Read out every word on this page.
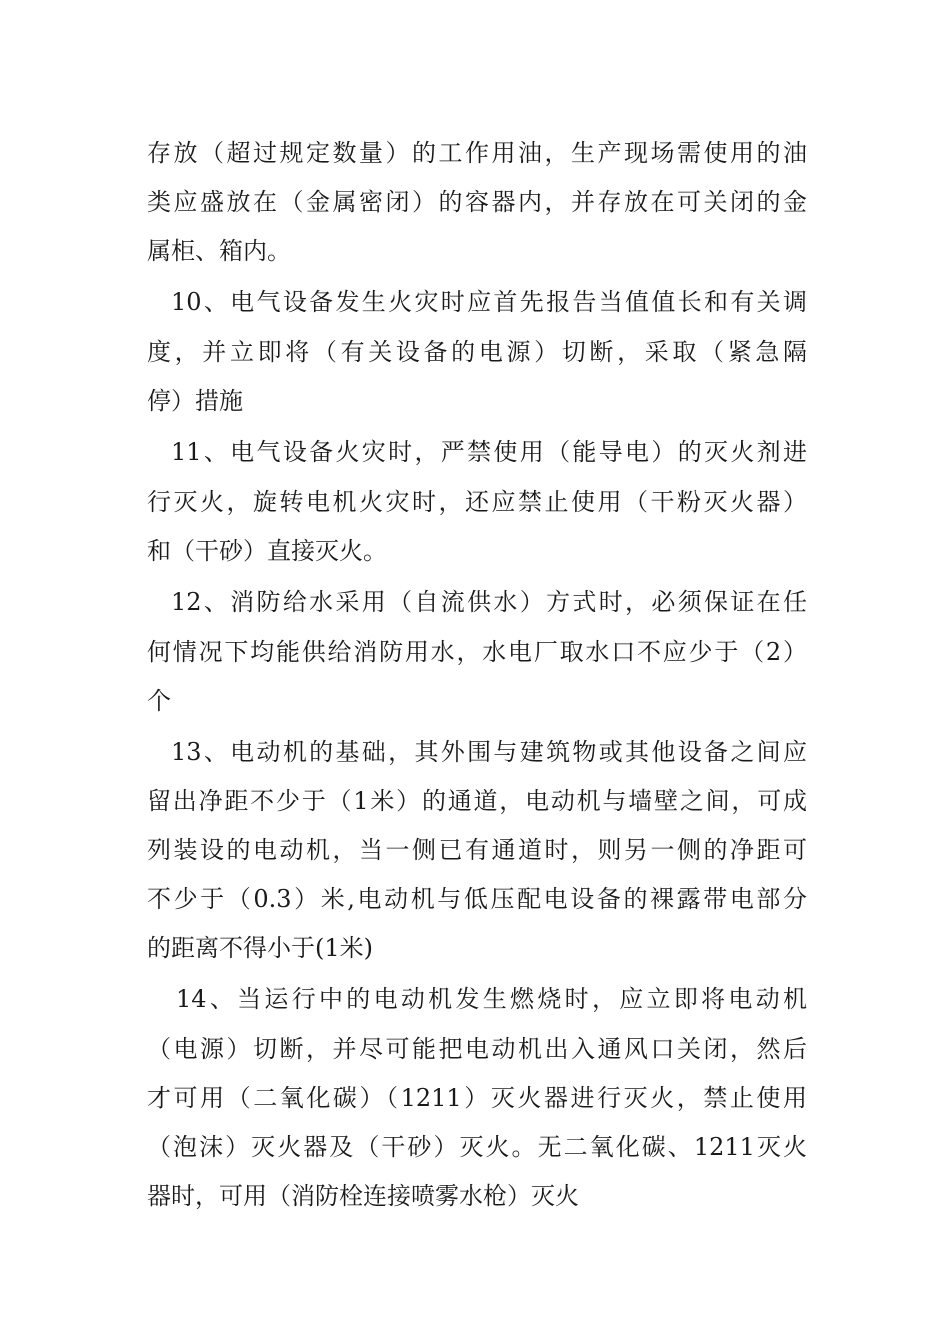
存放（超过规定数量）的工作用油，生产现场需使用的油
类应盛放在（金属密闭）的容器内，并存放在可关闭的金
属柜、箱内。
10、电气设备发生火灾时应首先报告当值值长和有关调
度，并立即将（有关设备的电源）切断，采取（紧急隔
停）措施
11、电气设备火灾时，严禁使用（能导电）的灭火剂进
行灭火，旋转电机火灾时，还应禁止使用（干粉灭火器）
和（干砂）直接灭火。
12、消防给水采用（自流供水）方式时，必须保证在任
何情况下均能供给消防用水，水电厂取水口不应少于（2）
个
13、电动机的基础，其外围与建筑物或其他设备之间应
留出净距不少于（1米）的通道，电动机与墙壁之间，可成
列装设的电动机，当一侧已有通道时，则另一侧的净距可
不少于（0.3）米,电动机与低压配电设备的裸露带电部分
的距离不得小于(1米)
14、当运行中的电动机发生燃烧时，应立即将电动机
（电源）切断，并尽可能把电动机出入通风口关闭，然后
才可用（二氧化碳）（1211）灭火器进行灭火，禁止使用
（泡沫）灭火器及（干砂）灭火。无二氧化碳、1211灭火
器时，可用（消防栓连接喷雾水枪）灭火
